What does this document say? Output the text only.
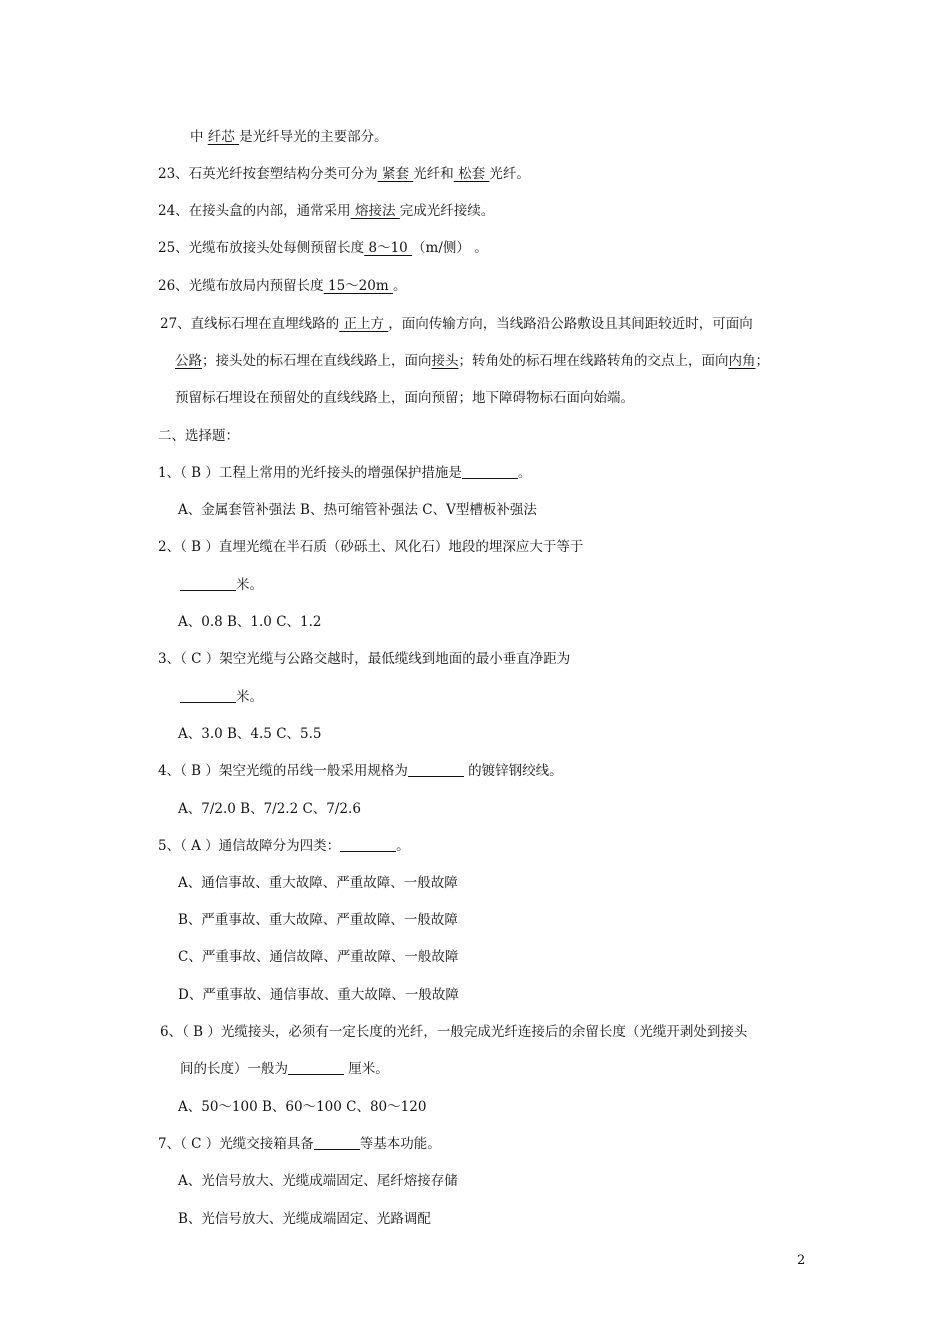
中 纤芯 是光纤导光的主要部分。
23、石英光纤按套塑结构分类可分为 紧套 光纤和 松套 光纤。
24、在接头盒的内部，通常采用 熔接法 完成光纤接续。
25、光缆布放接头处每侧预留长度 8～10 （m/侧） 。
26、光缆布放局内预留长度 15～20m 。
27、直线标石埋在直埋线路的 正上方 ，面向传输方向，当线路沿公路敷设且其间距较近时，可面向
公路；接头处的标石埋在直线线路上，面向接头；转角处的标石埋在线路转角的交点上，面向内角；
预留标石埋设在预留处的直线线路上，面向预留；地下障碍物标石面向始端。
二、选择题：
1、（ B ）工程上常用的光纤接头的增强保护措施是	。
A、金属套管补强法 B、热可缩管补强法 C、V型槽板补强法
2、（ B ）直埋光缆在半石质（砂砾土、风化石）地段的埋深应大于等于
米。
A、0.8 B、1.0 C、1.2
3、（ C ）架空光缆与公路交越时，最低缆线到地面的最小垂直净距为
米。
A、3.0 B、4.5 C、5.5
4、（ B ）架空光缆的吊线一般采用规格为	的镀锌钢绞线。
A、7/2.0 B、7/2.2 C、7/2.6
5、（ A ）通信故障分为四类：	。
A、通信事故、重大故障、严重故障、一般故障
B、严重事故、重大故障、严重故障、一般故障
C、严重事故、通信故障、严重故障、一般故障
D、严重事故、通信事故、重大故障、一般故障
6、（ B ）光缆接头，必须有一定长度的光纤，一般完成光纤连接后的余留长度（光缆开剥处到接头
间的长度）一般为	厘米。
A、50～100 B、60～100 C、80～120
7、（ C ）光缆交接箱具备	等基本功能。
A、光信号放大、光缆成端固定、尾纤熔接存储
B、光信号放大、光缆成端固定、光路调配
2
